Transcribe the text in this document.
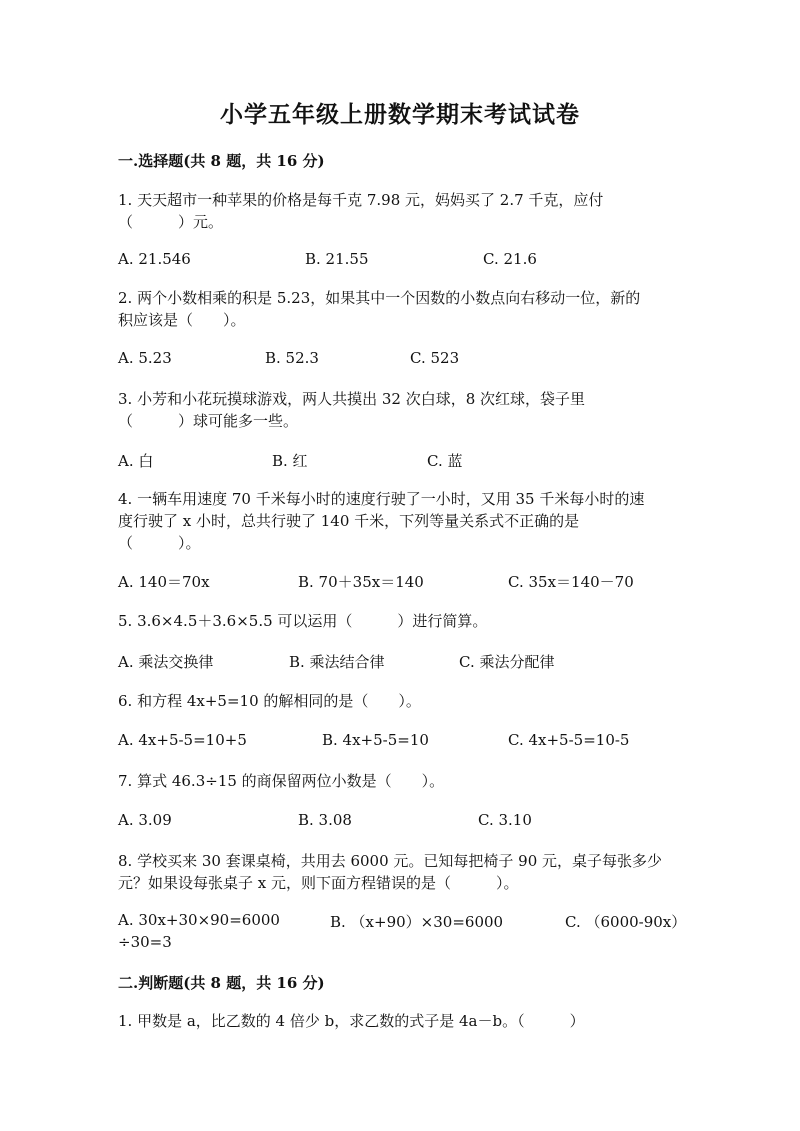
小学五年级上册数学期末考试试卷
一.选择题(共 8 题，共 16 分)
1. 天天超市一种苹果的价格是每千克 7.98 元，妈妈买了 2.7 千克，应付
（　　　）元。
A. 21.546	B. 21.55	C. 21.6
2. 两个小数相乘的积是 5.23，如果其中一个因数的小数点向右移动一位，新的
积应该是（　　）。
A. 5.23	B. 52.3	C. 523
3. 小芳和小花玩摸球游戏，两人共摸出 32 次白球，8 次红球，袋子里
（　　　）球可能多一些。
A. 白	B. 红	C. 蓝
4. 一辆车用速度 70 千米每小时的速度行驶了一小时，又用 35 千米每小时的速
度行驶了 x 小时，总共行驶了 140 千米，下列等量关系式不正确的是
（　　　）。
A. 140＝70x	B. 70＋35x＝140	C. 35x＝140－70
5. 3.6×4.5＋3.6×5.5 可以运用（　　　）进行简算。
A. 乘法交换律	B. 乘法结合律	C. 乘法分配律
6. 和方程 4x+5=10 的解相同的是（　　）。
A. 4x+5-5=10+5	B. 4x+5-5=10	C. 4x+5-5=10-5
7. 算式 46.3÷15 的商保留两位小数是（　　）。
A. 3.09	B. 3.08	C. 3.10
8. 学校买来 30 套课桌椅，共用去 6000 元。已知每把椅子 90 元，桌子每张多少
元？如果设每张桌子 x 元，则下面方程错误的是（　　　）。
A. 30x+30×90=6000	B. （x+90）×30=6000	C. （6000-90x）
÷30=3
二.判断题(共 8 题，共 16 分)
1. 甲数是 a，比乙数的 4 倍少 b，求乙数的式子是 4a－b。（　　　）
